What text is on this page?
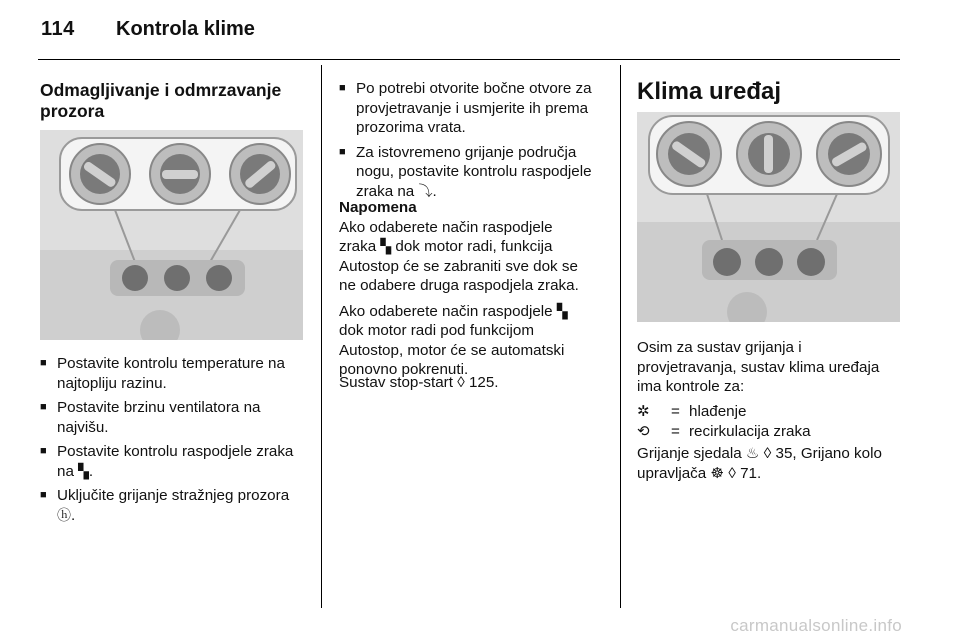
114 Kontrola klime
Odmagljivanje i odmrzavanje
prozora
■ Postavite kontrolu temperature na
najtopliju razinu.
■ Postavite brzinu ventilatora na
najvišu.
■ Postavite kontrolu raspodjele zraka
na ▚.
■ Uključite grijanje stražnjeg prozora
ⓗ.
■ Po potrebi otvorite bočne otvore za
provjetravanje i usmjerite ih prema
prozorima vrata.
■ Za istovremeno grijanje područja
nogu, postavite kontrolu raspodjele
zraka na ⤵.
Napomena

Ako odaberete način raspodjele
zraka ▚ dok motor radi, funkcija
Autostop će se zabraniti sve dok se
ne odabere druga raspodjela zraka.

Ako odaberete način raspodjele ▚
dok motor radi pod funkcijom
Autostop, motor će se automatski
ponovno pokrenuti.

Sustav stop-start ◊ 125.
Klima uređaj
Osim za sustav grijanja i
provjetravanja, sustav klima uređaja
ima kontrole za:
✲	= hlađenje
⟲	= recirkulacija zraka
Grijanje sjedala ♨ ◊ 35, Grijano kolo
upravljača ☸ ◊ 71.
carmanualsonline.info
